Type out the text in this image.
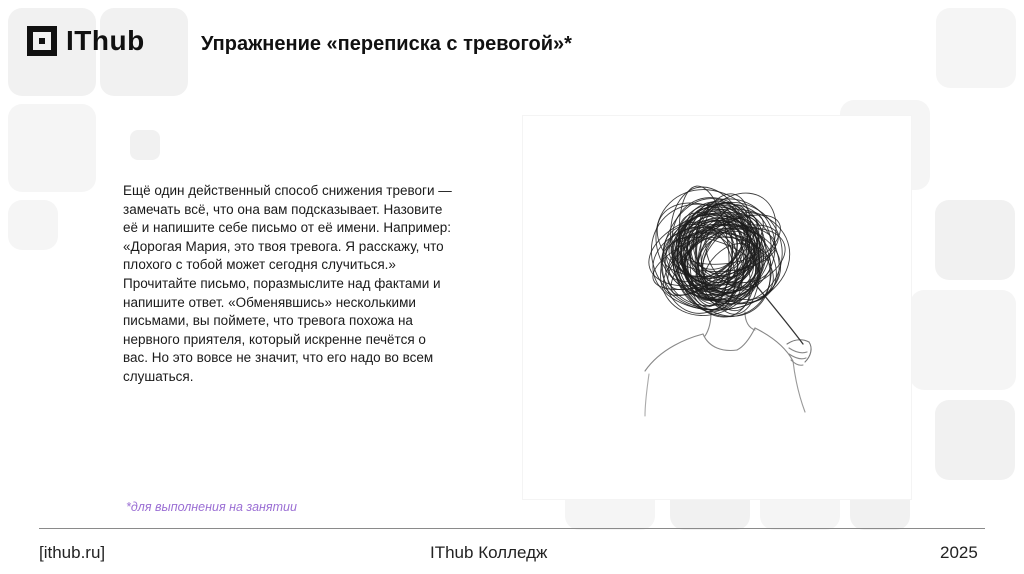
IThub	Упражнение «переписка с тревогой»*
Ещё один действенный способ снижения тревоги — замечать всё, что она вам подсказывает. Назовите её и напишите себе письмо от её имени. Например: «Дорогая Мария, это твоя тревога. Я расскажу, что плохого с тобой может сегодня случиться.» Прочитайте письмо, поразмыслите над фактами и напишите ответ. «Обменявшись» несколькими письмами, вы поймете, что тревога похожа на нервного приятеля, который искренне печётся о вас. Но это вовсе не значит, что его надо во всем слушаться.
*для выполнения на занятии
[ithub.ru]	IThub Колледж	2025
